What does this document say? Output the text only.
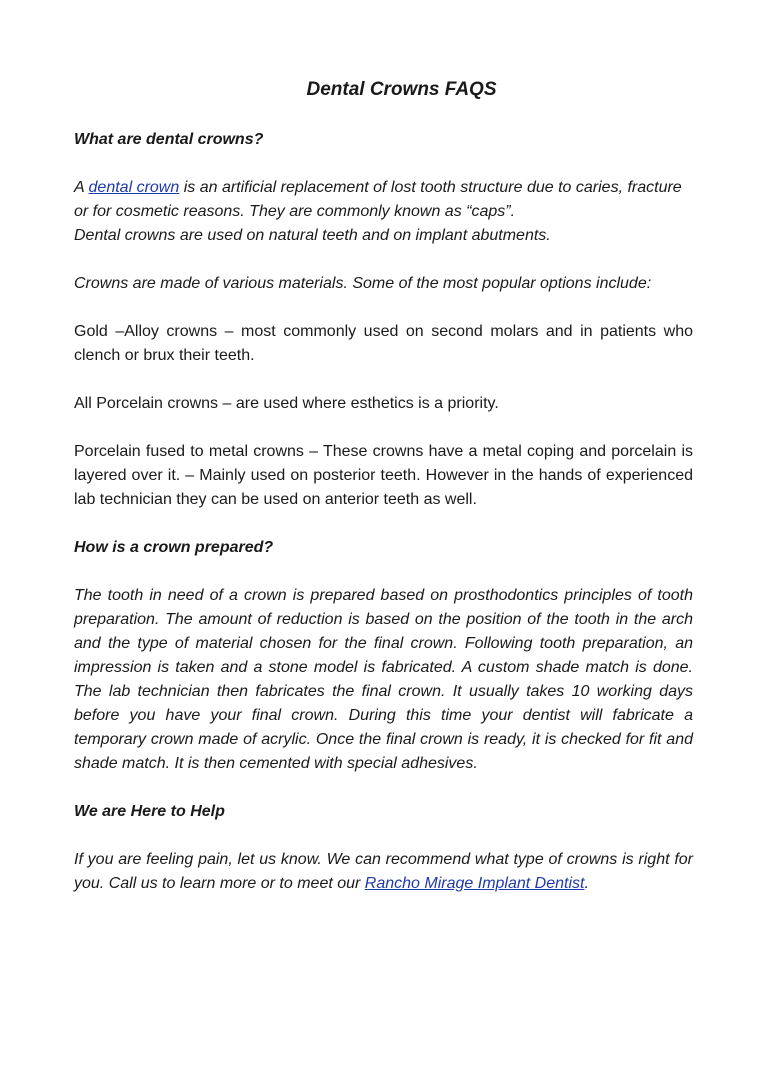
Dental Crowns FAQS
What are dental crowns?

A dental crown is an artificial replacement of lost tooth structure due to caries, fracture or for cosmetic reasons. They are commonly known as “caps”.
Dental crowns are used on natural teeth and on implant abutments.

Crowns are made of various materials. Some of the most popular options include:

Gold –Alloy crowns – most commonly used on second molars and in patients who clench or brux their teeth.

All Porcelain crowns – are used where esthetics is a priority.

Porcelain fused to metal crowns – These crowns have a metal coping and porcelain is layered over it. – Mainly used on posterior teeth. However in the hands of experienced lab technician they can be used on anterior teeth as well.

How is a crown prepared?

The tooth in need of a crown is prepared based on prosthodontics principles of tooth preparation. The amount of reduction is based on the position of the tooth in the arch and the type of material chosen for the final crown. Following tooth preparation, an impression is taken and a stone model is fabricated. A custom shade match is done. The lab technician then fabricates the final crown. It usually takes 10 working days before you have your final crown. During this time your dentist will fabricate a temporary crown made of acrylic. Once the final crown is ready, it is checked for fit and shade match. It is then cemented with special adhesives.

We are Here to Help

If you are feeling pain, let us know. We can recommend what type of crowns is right for you. Call us to learn more or to meet our Rancho Mirage Implant Dentist.
